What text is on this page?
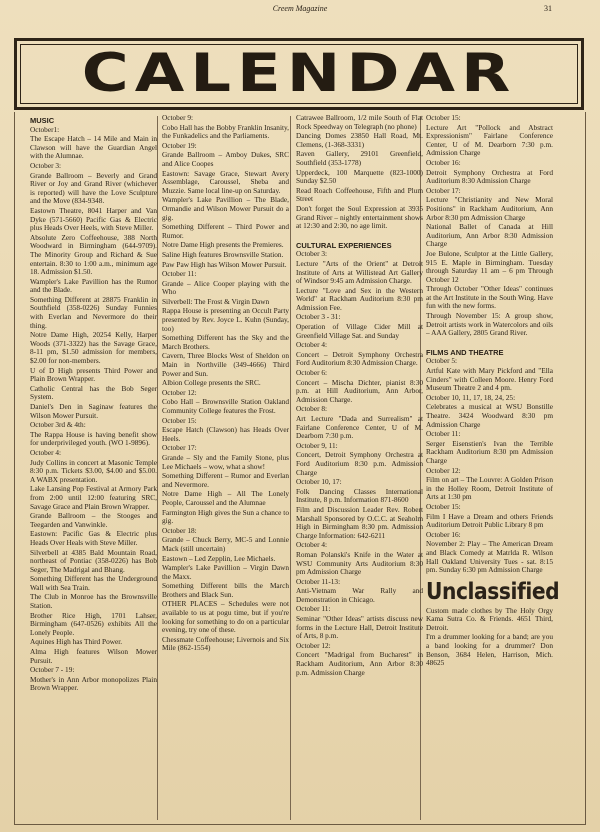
Creem Magazine	31
CALENDAR
MUSIC

October1:

The Escape Hatch – 14 Mile and Main in Clawson will have the Guardian Angel with the Alumnae.

October 3:

Grande Ballroom – Beverly and Grand River or Joy and Grand River (whichever is reported) will have the Love Sculpture and the Move (834-9348.

Eastown Theatre, 8041 Harper and Van Dyke (571-5660) Pacific Gas & Electric plus Heads Over Heels, with Steve Miller.

Absolute Zero Coffeehouse, 388 North Woodward in Birmingham (644-9709). The Minority Group and Richard & Sue entertain. 8:30 to 1:00 a.m., minimum age 18. Admission $1.50.

Wampler's Lake Pavillion has the Rumor and the Blade.

Something Different at 28875 Franklin in Southfield (358-0226) Sunday Funnies with Everlan and Nevermore do their thing.

Notre Dame High, 20254 Kelly, Harper Woods (371-3322) has the Savage Grace, 8-11 pm, $1.50 admission for members, $2.00 for non-members.

U of D High presents Third Power and Plain Brown Wrapper.

Catholic Central has the Bob Seger System.

Daniel's Den in Saginaw features the Wilson Mower Pursuit.

October 3rd & 4th:

The Rappa House is having benefit show for underprivileged youth. (WO 1-9896).

October 4:

Judy Collins in concert at Masonic Temple 8:30 p.m. Tickets $3.00, $4.00 and $5.00. A WABX presentation.

Lake Lansing Pop Festival at Armory Park from 2:00 until 12:00 featuring SRC, Savage Grace and Plain Brown Wrapper.

Grande Ballroom – the Stooges and Teegarden and Vanwinkle.

Eastown: Pacific Gas & Electric plus Heads Over Heals with Steve Miller.

Silverbell at 4385 Bald Mountain Road, northeast of Pontiac (358-0226) has Bob Seger, The Madrigal and Bhang.

Something Different has the Underground Wall with Sea Train.

The Club in Monroe has the Brownsville Station.

Brother Rice High, 1701 Lahser, Birmingham (647-0526) exhibits All the Lonely People.

Aquines High has Third Power.

Alma High features Wilson Mower Pursuit.

October 7 - 19:

Mother's in Ann Arbor monopolizes Plain Brown Wrapper.

October 9:

Cobo Hall has the Bobby Franklin Insanity, the Funkadelics and the Parliaments.

October 19:

Grande Ballroom – Amboy Dukes, SRC and Alice Coopes

Eastown: Savage Grace, Stewart Avery Assemblage, Caroussel, Sheba and Muzzie. Same local line-up on Saturday.

Wampler's Lake Pavillion – The Blade, Ormandie and Wilson Mower Pursuit do a gig.

Something Different – Third Power and Rumor.

Notre Dame High presents the Premieres.

Saline High features Brownsville Station.

Paw Paw High has Wilson Mower Pursuit.

October 11:

Grande – Alice Cooper playing with the Who

Silverbell: The Frost & Virgin Dawn

Rappa House is presenting an Occult Party presented by Rev. Joyce L. Kuhn (Sunday, too)

Something Different has the Sky and the March Brothers.

Cavern, Three Blocks West of Sheldon on Main in Northville (349-4666) Third Power and Sun.

Albion College presents the SRC.

October 12:

Cobo Hall – Brownsville Station Oakland Community College features the Frost.

October 15:

Escape Hatch (Clawson) has Heads Over Heels.

October 17:

Grande – Sly and the Family Stone, plus Lee Michaels – wow, what a show!

Something Different – Rumor and Everlan and Nevermore.

Notre Dame High – All The Lonely People, Caroussel and the Alumnae

Farmington High gives the Sun a chance to gig.

October 18:

Grande – Chuck Berry, MC-5 and Lonnie Mack (still uncertain)

Eastown – Led Zepplin, Lee Michaels.

Wampler's Lake Pavillion – Virgin Dawn the Maxx.

Something Different bills the March Brothers and Black Sun.

OTHER PLACES – Schedules were not available to us at pogu time, but if you're looking for something to do on a particular evening, try one of these.

Chessmate Coffeehouse; Livernois and Six Mile (862-1554)

Catrawee Ballroom, 1/2 mile South of Flat Rock Speedway on Telegraph (no phone)

Dancing Domes 23850 Hall Road, Mt. Clemens, (1-368-3331)

Raven Gallery, 29101 Greenfield, Southfield (353-1778)

Upperdeck, 100 Marquette (823-1000) Sunday $2.50

Read Roach Coffeehouse, Fifth and Plum Street

Don't forget the Soul Expression at 3935 Grand River – nightly entertainment shows at 12:30 and 2:30, no age limit.

CULTURAL EXPERIENCES

October 3:

Lecture "Arts of the Orient" at Detroit Institute of Arts at Willistead Art Gallery of Windsor 9:45 am Admission Charge.

Lecture "Love and Sex in the Western World" at Rackham Auditorium 8:30 pm Admission Fee.

October 3 - 31:

Operation of Village Cider Mill at Greenfield Village Sat. and Sunday

October 4:

Concert – Detroit Symphony Orchestra Ford Auditorium 8:30 Admission Charge.

October 6:

Concert – Mischa Dichter, pianist 8:30 p.m. at Hill Auditorium, Ann Arbor, Admission Charge.

October 8:

Art Lecture "Dada and Surrealism" at Fairlane Conference Center, U of M. Dearborn 7:30 p.m.

October 9, 11:

Concert, Detroit Symphony Orchestra at Ford Auditorium 8:30 p.m. Admission Charge

October 10, 17:

Folk Dancing Classes International Institute, 8 p.m. Information 871-8600

Film and Discussion Leader Rev. Robert Marshall Sponsored by O.C.C. at Seaholm High in Birmingham 8:30 pm. Admission Charge Information: 642-6211

October 4:

Roman Polanski's Knife in the Water at WSU Community Arts Auditorium 8:30 pm Admission Charge

October 11-13:

Anti-Vietnam War Rally and Demonstration in Chicago.

October 11:

Seminar "Other Ideas" artists discuss new forms in the Lecture Hall, Detroit Institute of Arts, 8 p.m.

October 12:

Concert "Madrigal from Bucharest" in Rackham Auditorium, Ann Arbor 8:30 p.m. Admission Charge

October 15:

Lecture Art "Pollock and Abstract Expressionism" Fairlane Conference Center, U of M. Dearborn 7:30 p.m. Admission Charge

October 16:

Detroit Symphony Orchestra at Ford Auditorium 8:30 Admission Charge

October 17:

Lecture "Christianity and New Moral Positions" in Rackham Auditorium, Ann Arbor 8:30 pm Admission Charge

National Ballet of Canada at Hill Auditorium, Ann Arbor 8:30 Admission Charge

Joe Bulone, Sculptor at the Little Gallery, 915 E. Maple in Birmingham. Tuesday through Saturday 11 am – 6 pm Through October 12

Through October "Other Ideas" continues at the Art Institute in the South Wing. Have fun with the new forms.

Through November 15: A group show, Detroit artists work in Watercolors and oils – AAA Gallery, 2805 Grand River.

FILMS AND THEATRE

October 5:

Artful Kate with Mary Pickford and "Ella Cinders" with Colleen Moore. Henry Ford Museum Theatre 2 and 4 pm.

October 10, 11, 17, 18, 24, 25:

Celebrates a musical at WSU Bonstille Theatre. 3424 Woodward 8:30 pm Admission Charge

October 11:

Serger Eisenstien's Ivan the Terrible Rackham Auditorium 8:30 pm Admission Charge

October 12:

Film on art – The Louvre: A Golden Prison in the Holley Room, Detroit Institute of Arts at 1:30 pm

October 15:

Film I Have a Dream and others Friends Auditorium Detroit Public Library 8 pm

October 16:

November 2: Play – The American Dream and Black Comedy at Matrlda R. Wilson Hall Oakland University Tues - sat. 8:15 pm. Sunday 6:30 pm Admission Charge

Unclassified

Custom made clothes by The Holy Orgy Kama Sutra Co. & Friends. 4651 Third, Detroit.

I'm a drummer looking for a band; are you a band looking for a drummer? Don Benson, 3684 Helen, Harrison, Mich. 48625
